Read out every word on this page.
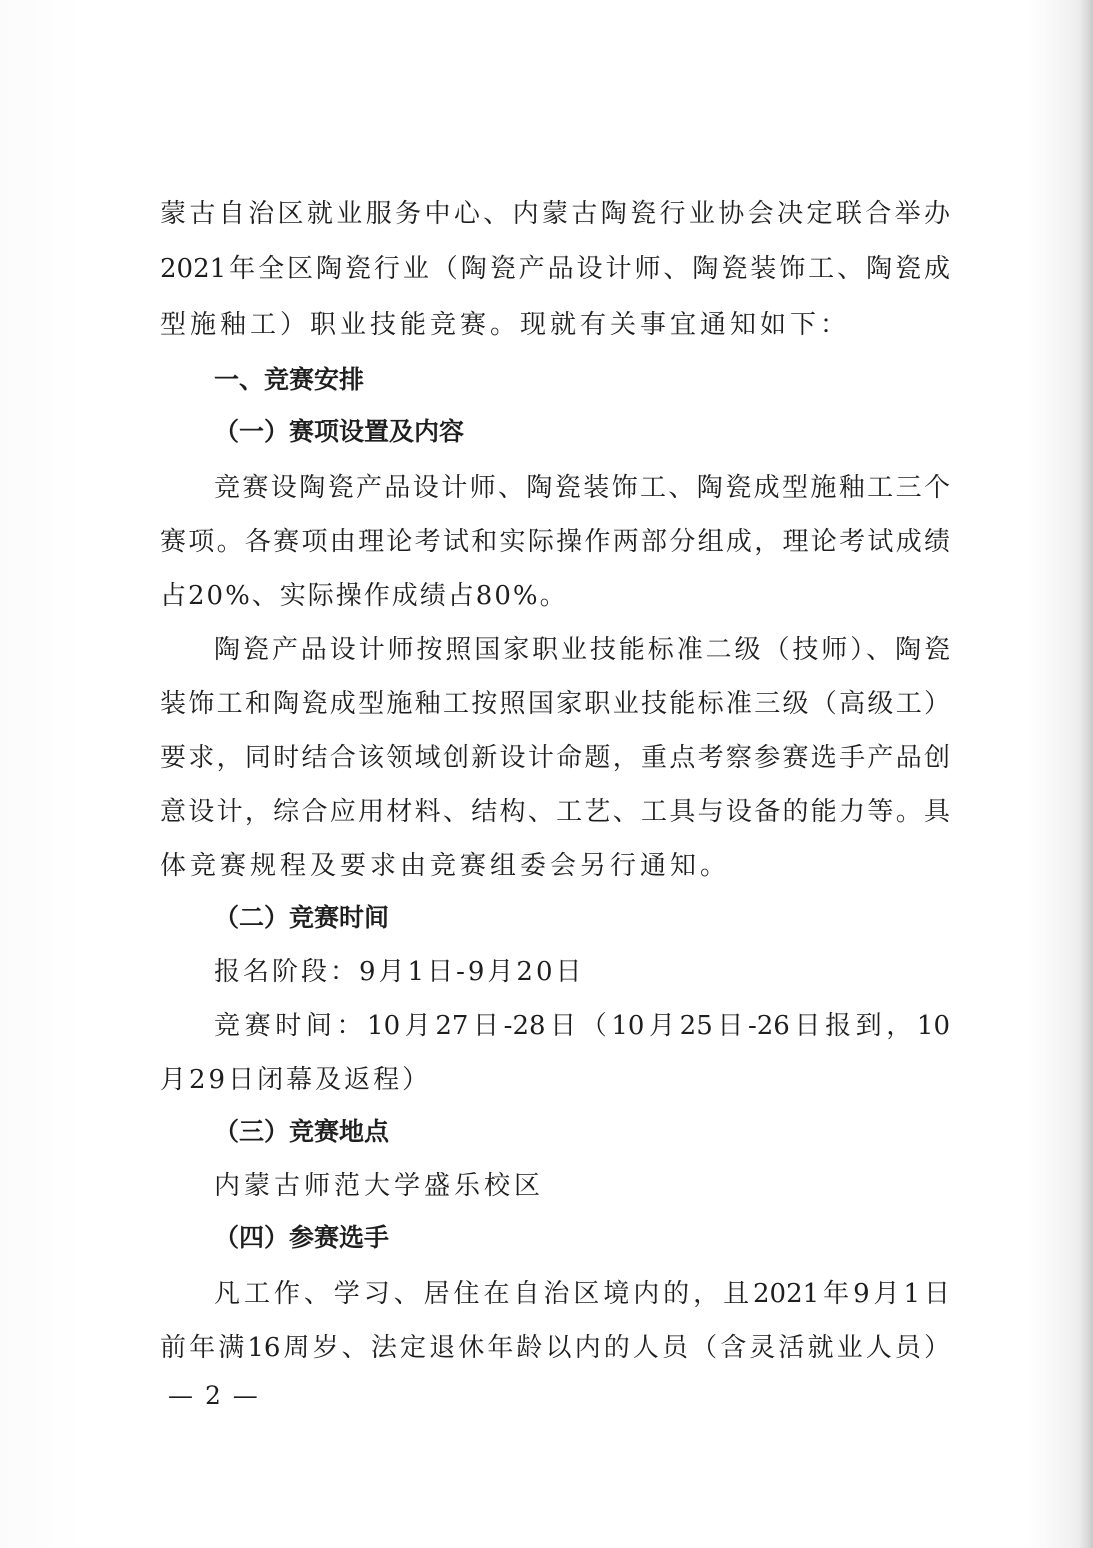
蒙古自治区就业服务中心、内蒙古陶瓷行业协会决定联合举办
2021年全区陶瓷行业（陶瓷产品设计师、陶瓷装饰工、陶瓷成
型施釉工）职业技能竞赛。现就有关事宜通知如下：
一、竞赛安排
（一）赛项设置及内容
竞赛设陶瓷产品设计师、陶瓷装饰工、陶瓷成型施釉工三个
赛项。各赛项由理论考试和实际操作两部分组成，理论考试成绩
占20%、实际操作成绩占80%。
陶瓷产品设计师按照国家职业技能标准二级（技师）、陶瓷
装饰工和陶瓷成型施釉工按照国家职业技能标准三级（高级工）
要求，同时结合该领域创新设计命题，重点考察参赛选手产品创
意设计，综合应用材料、结构、工艺、工具与设备的能力等。具
体竞赛规程及要求由竞赛组委会另行通知。
（二）竞赛时间
报名阶段：9月1日-9月20日
竞赛时间：10月27日-28日（10月25日-26日报到，10
月29日闭幕及返程）
（三）竞赛地点
内蒙古师范大学盛乐校区
（四）参赛选手
凡工作、学习、居住在自治区境内的，且2021年9月1日
前年满16周岁、法定退休年龄以内的人员（含灵活就业人员）
— 2 —
